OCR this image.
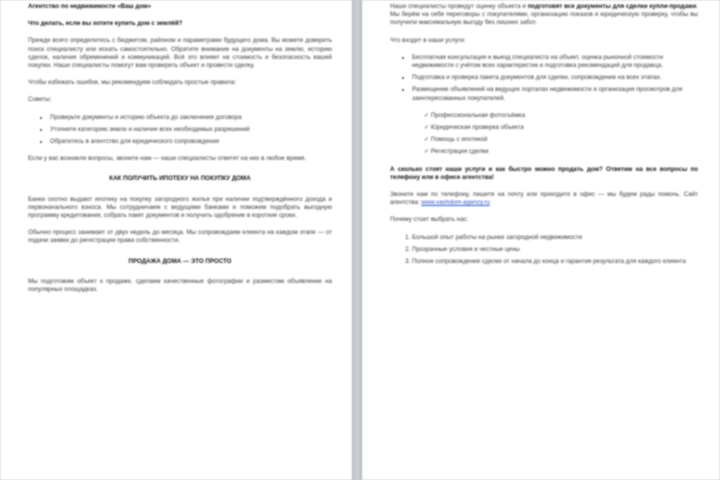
Агентство по недвижимости «Ваш дом»

Что делать, если вы хотите купить дом с землёй?

Прежде всего определитесь с бюджетом, районом и параметрами будущего дома. Вы можете доверить поиск специалисту или искать самостоятельно. Обратите внимание на документы на землю, историю сделок, наличие обременений и коммуникаций. Всё это влияет на стоимость и безопасность вашей покупки. Наши специалисты помогут вам проверить объект и провести сделку.

Чтобы избежать ошибок, мы рекомендуем соблюдать простые правила:

Советы:

• Проверьте документы и историю объекта до заключения договора
• Уточните категорию земли и наличие всех необходимых разрешений
• Обратитесь в агентство для юридического сопровождения

Если у вас возникли вопросы, звоните нам — наши специалисты ответят на них в любое время.

КАК ПОЛУЧИТЬ ИПОТЕКУ НА ПОКУПКУ ДОМА

Банки охотно выдают ипотеку на покупку загородного жилья при наличии подтверждённого дохода и первоначального взноса. Мы сотрудничаем с ведущими банками и поможем подобрать выгодную программу кредитования, собрать пакет документов и получить одобрение в короткие сроки.

Обычно процесс занимает от двух недель до месяца. Мы сопровождаем клиента на каждом этапе — от подачи заявки до регистрации права собственности.

ПРОДАЖА ДОМА — ЭТО ПРОСТО

Мы подготовим объект к продаже, сделаем качественные фотографии и разместим объявление на популярных площадках.

Наши специалисты проведут оценку объекта и подготовят все документы для сделки купли-продажи. Мы берём на себя переговоры с покупателями, организацию показов и юридическую проверку, чтобы вы получили максимальную выгоду без лишних забот.

Что входит в наши услуги:

• Бесплатная консультация и выезд специалиста на объект, оценка рыночной стоимости недвижимости с учётом всех характеристик и подготовка рекомендаций для продавца.
• Подготовка и проверка пакета документов для сделки, сопровождение на всех этапах.
• Размещение объявлений на ведущих порталах недвижимости и организация просмотров для заинтересованных покупателей.
✓ Профессиональная фотосъёмка
✓ Юридическая проверка объекта
✓ Помощь с ипотекой
✓ Регистрация сделки

А сколько стоят наши услуги и как быстро можно продать дом? Ответим на все вопросы по телефону или в офисе агентства!

Звоните нам по телефону, пишите на почту или приходите в офис — мы будем рады помочь. Сайт агентства: www.vashdom-agency.ru

Почему стоит выбрать нас:

1. Большой опыт работы на рынке загородной недвижимости
2. Прозрачные условия и честные цены
3. Полное сопровождение сделки от начала до конца и гарантия результата для каждого клиента
